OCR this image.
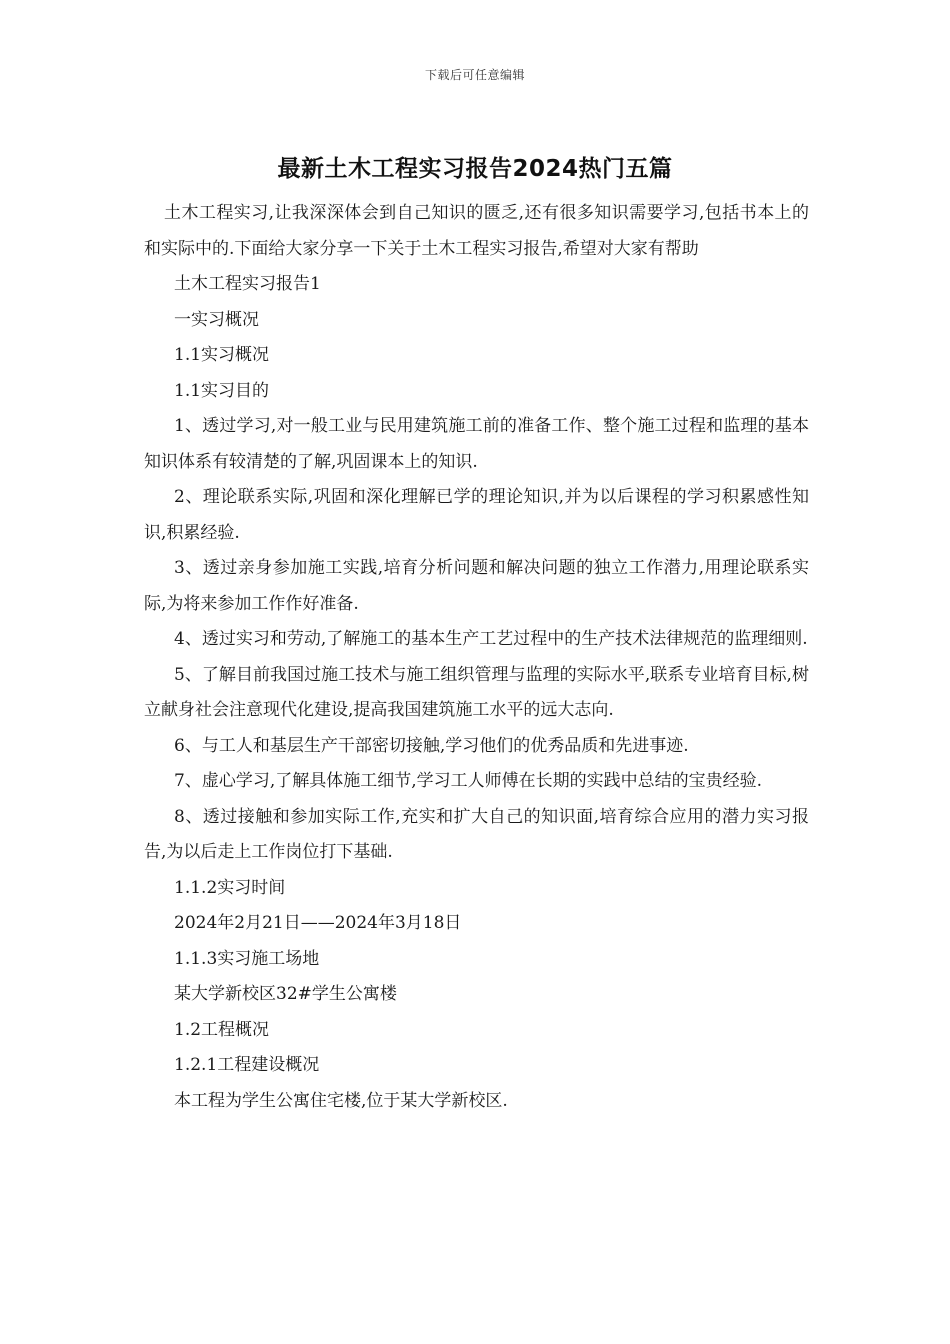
下载后可任意编辑
最新土木工程实习报告2024热门五篇

土木工程实习,让我深深体会到自己知识的匮乏,还有很多知识需要学习,包括书本上的和实际中的.下面给大家分享一下关于土木工程实习报告,希望对大家有帮助

土木工程实习报告1

一实习概况

1.1实习概况

1.1实习目的

1、透过学习,对一般工业与民用建筑施工前的准备工作、整个施工过程和监理的基本知识体系有较清楚的了解,巩固课本上的知识.

2、理论联系实际,巩固和深化理解已学的理论知识,并为以后课程的学习积累感性知识,积累经验.

3、透过亲身参加施工实践,培育分析问题和解决问题的独立工作潜力,用理论联系实际,为将来参加工作作好准备.

4、透过实习和劳动,了解施工的基本生产工艺过程中的生产技术法律规范的监理细则.

5、了解目前我国过施工技术与施工组织管理与监理的实际水平,联系专业培育目标,树立献身社会注意现代化建设,提高我国建筑施工水平的远大志向.

6、与工人和基层生产干部密切接触,学习他们的优秀品质和先进事迹.

7、虚心学习,了解具体施工细节,学习工人师傅在长期的实践中总结的宝贵经验.

8、透过接触和参加实际工作,充实和扩大自己的知识面,培育综合应用的潜力实习报告,为以后走上工作岗位打下基础.

1.1.2实习时间

2024年2月21日——2024年3月18日

1.1.3实习施工场地

某大学新校区32#学生公寓楼

1.2工程概况

1.2.1工程建设概况

本工程为学生公寓住宅楼,位于某大学新校区.
